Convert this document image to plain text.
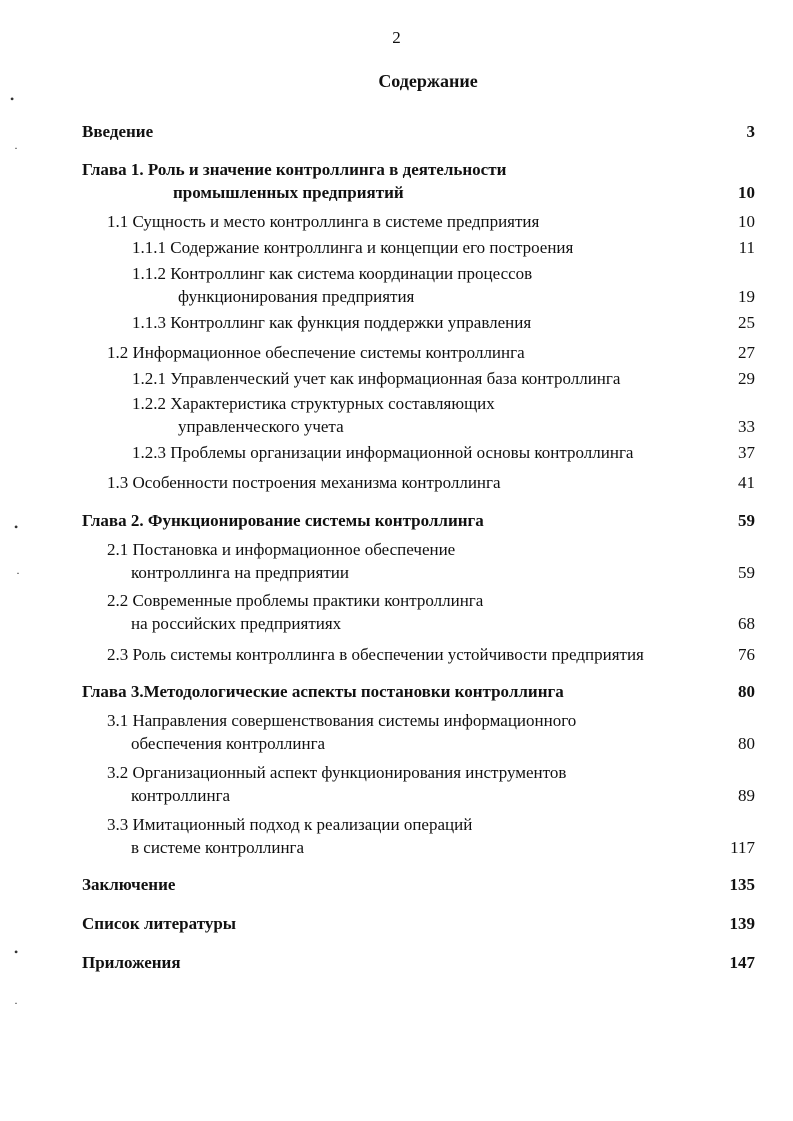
2
Содержание
Введение	3
Глава 1. Роль и значение контроллинга в деятельности
промышленных предприятий	10
1.1 Сущность и место контроллинга в системе предприятия	10
1.1.1 Содержание контроллинга и концепции его построения	11
1.1.2 Контроллинг как система координации процессов
функционирования предприятия	19
1.1.3 Контроллинг как функция поддержки управления	25
1.2 Информационное обеспечение системы контроллинга	27
1.2.1 Управленческий учет как информационная база контроллинга	29
1.2.2 Характеристика структурных составляющих
управленческого учета	33
1.2.3 Проблемы организации информационной основы контроллинга	37
1.3 Особенности построения механизма контроллинга	41
Глава 2. Функционирование системы контроллинга	59
2.1 Постановка и информационное обеспечение
контроллинга на предприятии	59
2.2 Современные проблемы практики контроллинга
на российских предприятиях	68
2.3 Роль системы контроллинга в обеспечении устойчивости предприятия	76
Глава 3.Методологические аспекты постановки контроллинга	80
3.1 Направления совершенствования системы информационного
обеспечения контроллинга	80
3.2 Организационный аспект функционирования инструментов
контроллинга	89
3.3 Имитационный подход к реализации операций
в системе контроллинга	117
Заключение	135
Список литературы	139
Приложения	147
•
·
•
·
•
·
